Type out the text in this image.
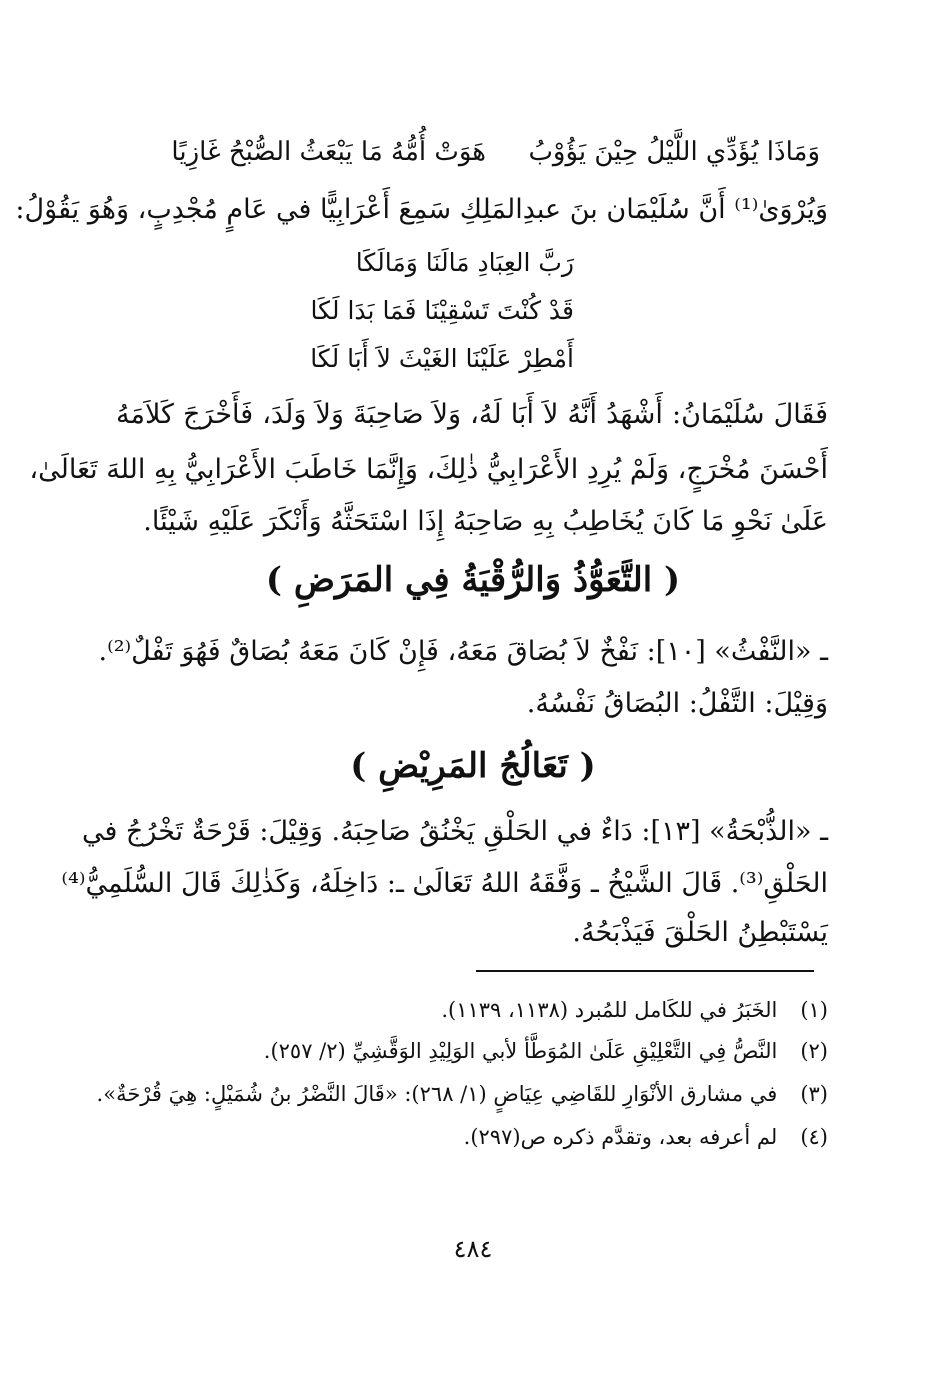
هَوَتْ أُمُّهُ مَا يَبْعَثُ الصُّبْحُ غَازِيًا وَمَاذَا يُؤَدِّي اللَّيْلُ حِيْنَ يَؤُوْبُ
وَيُرْوَىٰ⁽¹⁾ أَنَّ سُلَيْمَان بنَ عبدِالمَلِكِ سَمِعَ أَعْرَابِيًّا في عَامٍ مُجْدِبٍ، وَهُوَ يَقُوْلُ:
رَبَّ العِبَادِ مَالَنَا وَمَالَكَا
قَدْ كُنْتَ تَسْقِيْنَا فَمَا بَدَا لَكَا
أَمْطِرْ عَلَيْنَا الغَيْثَ لاَ أَبَا لَكَا
فَقَالَ سُلَيْمَانُ: أَشْهَدُ أَنَّهُ لاَ أَبَا لَهُ، وَلاَ صَاحِبَةَ وَلاَ وَلَدَ، فَأَخْرَجَ كَلاَمَهُ
أَحْسَنَ مُخْرَجٍ، وَلَمْ يُرِدِ الأَعْرَابِيُّ ذٰلِكَ، وَإِنَّمَا خَاطَبَ الأَعْرَابِيُّ بِهِ اللهَ تَعَالَىٰ،
عَلَىٰ نَحْوِ مَا كَانَ يُخَاطِبُ بِهِ صَاحِبَهُ إِذَا اسْتَحَثَّهُ وَأَنْكَرَ عَلَيْهِ شَيْئًا.
( التَّعَوُّذُ وَالرُّقْيَةُ فِي المَرَضِ )
ـ «النَّفْثُ» [١٠]: نَفْخٌ لاَ بُصَاقَ مَعَهُ، فَإِنْ كَانَ مَعَهُ بُصَاقٌ فَهُوَ تَفْلٌ⁽²⁾.
وَقِيْلَ: التَّفْلُ: البُصَاقُ نَفْسُهُ.
( تَعَالُجُ المَرِيْضِ )
ـ «الذُّبْحَةُ» [١٣]: دَاءٌ في الحَلْقِ يَخْنُقُ صَاحِبَهُ. وَقِيْلَ: قَرْحَةٌ تَخْرُجُ في
الحَلْقِ⁽³⁾. قَالَ الشَّيْخُ ـ وَفَّقَهُ اللهُ تَعَالَىٰ ـ: دَاخِلَهُ، وَكَذٰلِكَ قَالَ السُّلَمِيُّ⁽⁴⁾
يَسْتَبْطِنُ الحَلْقَ فَيَذْبَحُهُ.
(١) الخَبَرُ في للكَامل للمُبرد (١١٣٨، ١١٣٩).
(٢) النَّصُّ فِي التَّعْلِيْقِ عَلَىٰ المُوَطَّأ لأبي الوَلِيْدِ الوَقَّشِيِّ (٢/ ٢٥٧).
(٣) في مشارق الأنْوَارِ للقَاضِي عِيَاضٍ (١/ ٢٦٨): «قَالَ النَّضْرُ بنُ شُمَيْلٍ: هِيَ قُرْحَةٌ».
(٤) لم أعرفه بعد، وتقدَّم ذكره ص(٢٩٧).
٤٨٤
